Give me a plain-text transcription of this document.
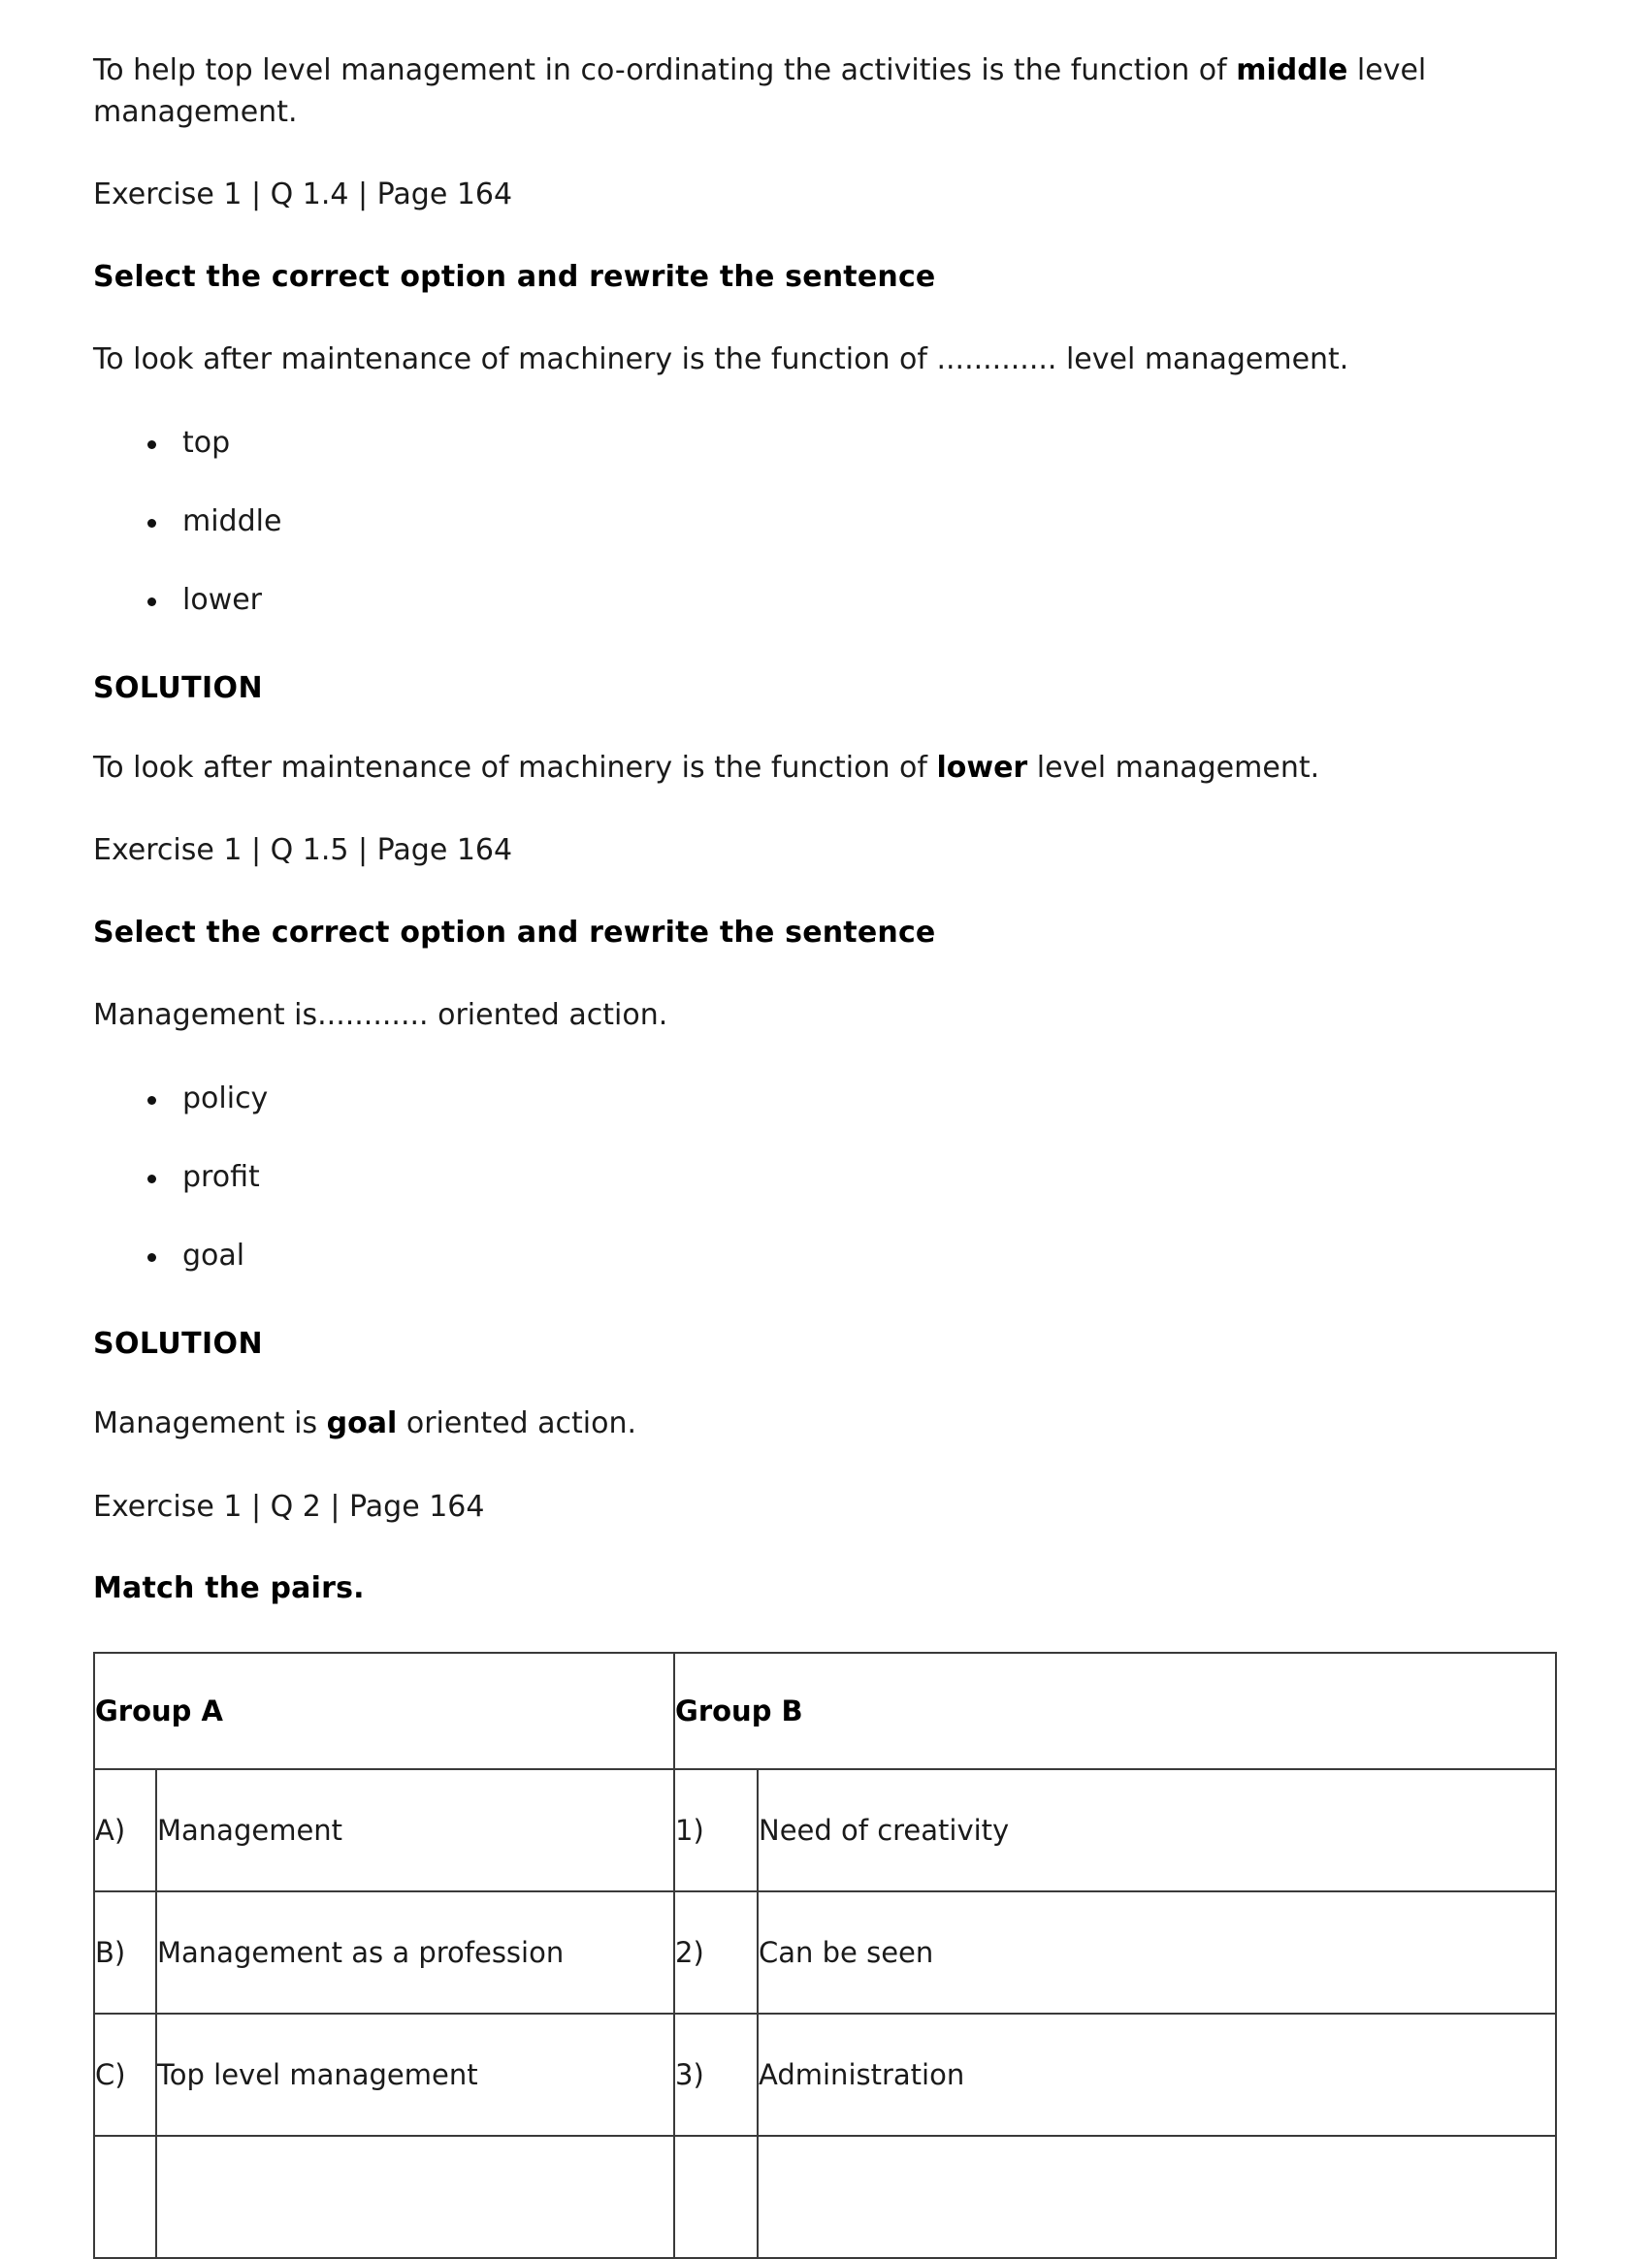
To help top level management in co-ordinating the activities is the function of middle level management.

Exercise 1 | Q 1.4 | Page 164
Select the correct option and rewrite the sentence

To look after maintenance of machinery is the function of ............. level management.

top
middle
lower
SOLUTION

To look after maintenance of machinery is the function of lower level management.

Exercise 1 | Q 1.5 | Page 164
Select the correct option and rewrite the sentence

Management is............ oriented action.

policy
profit
goal
SOLUTION

Management is goal oriented action.

Exercise 1 | Q 2 | Page 164
Match the pairs.
Group A		Group B	
A)	Management	1)	Need of creativity
B)	Management as a profession	2)	Can be seen
C)	Top level management	3)	Administration
